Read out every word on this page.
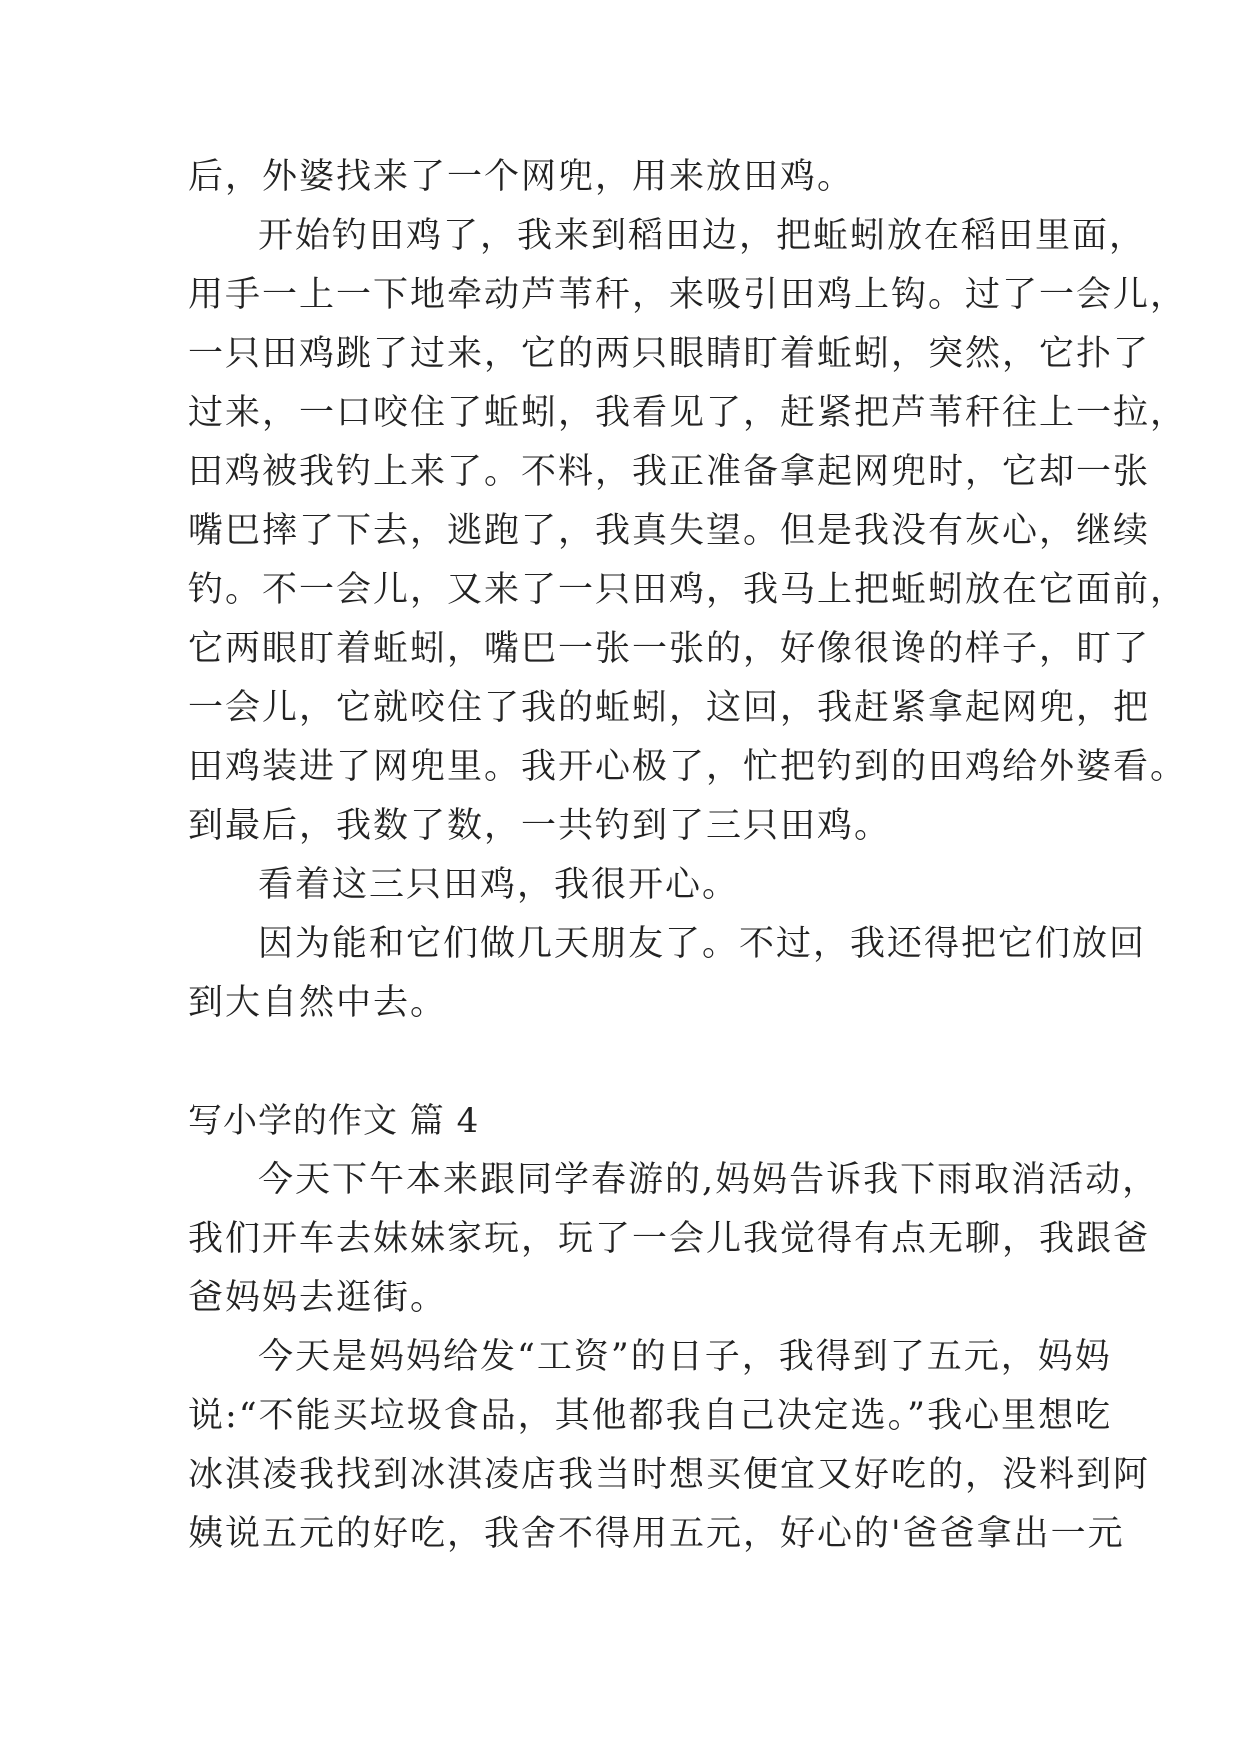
后，外婆找来了一个网兜，用来放田鸡。
开始钓田鸡了，我来到稻田边，把蚯蚓放在稻田里面，
用手一上一下地牵动芦苇秆，来吸引田鸡上钩。过了一会儿，
一只田鸡跳了过来，它的两只眼睛盯着蚯蚓，突然，它扑了
过来，一口咬住了蚯蚓，我看见了，赶紧把芦苇秆往上一拉，
田鸡被我钓上来了。不料，我正准备拿起网兜时，它却一张
嘴巴摔了下去，逃跑了，我真失望。但是我没有灰心，继续
钓。不一会儿，又来了一只田鸡，我马上把蚯蚓放在它面前，
它两眼盯着蚯蚓，嘴巴一张一张的，好像很谗的样子，盯了
一会儿，它就咬住了我的蚯蚓，这回，我赶紧拿起网兜，把
田鸡装进了网兜里。我开心极了，忙把钓到的田鸡给外婆看。
到最后，我数了数，一共钓到了三只田鸡。
看着这三只田鸡，我很开心。
因为能和它们做几天朋友了。不过，我还得把它们放回
到大自然中去。
写小学的作文 篇 4
今天下午本来跟同学春游的,妈妈告诉我下雨取消活动，
我们开车去妹妹家玩，玩了一会儿我觉得有点无聊，我跟爸
爸妈妈去逛街。
今天是妈妈给发“工资”的日子，我得到了五元，妈妈
说:“不能买垃圾食品，其他都我自己决定选。”我心里想吃
冰淇凌我找到冰淇凌店我当时想买便宜又好吃的，没料到阿
姨说五元的好吃，我舍不得用五元，好心的'爸爸拿出一元
